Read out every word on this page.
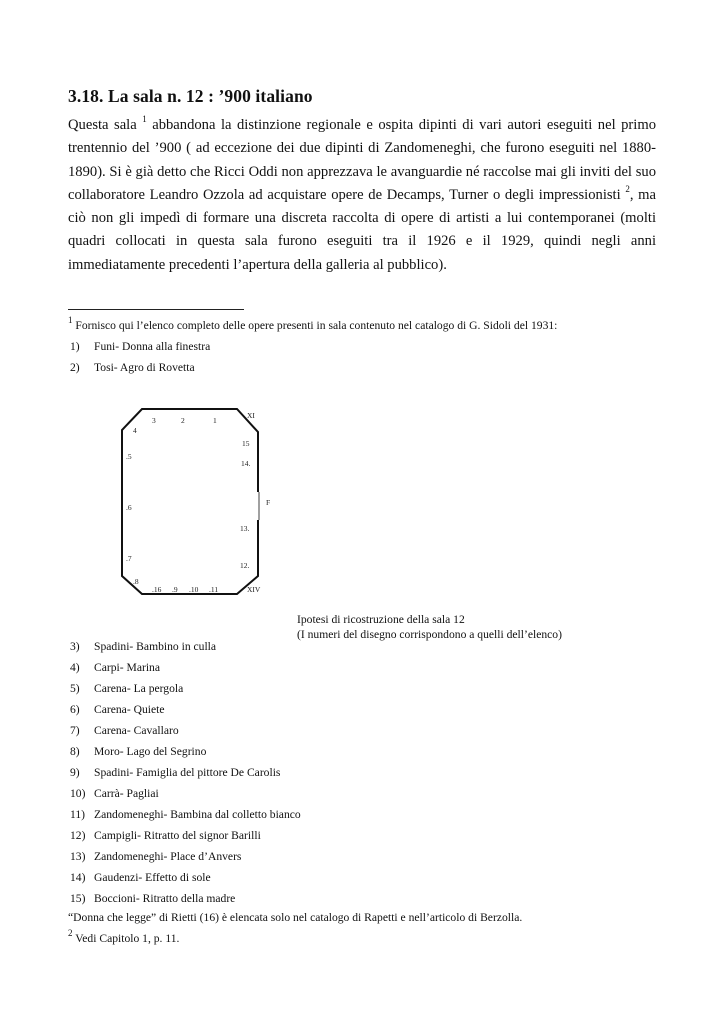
3.18. La sala n. 12 : ’900 italiano

Questa sala $^1$ abbandona la distinzione regionale e ospita dipinti di vari autori eseguiti nel primo trentennio del ’900 ( ad eccezione dei due dipinti di Zandomeneghi, che furono eseguiti nel 1880-1890). Si è già detto che Ricci Oddi non apprezzava le avanguardie né raccolse mai gli inviti del suo collaboratore Leandro Ozzola ad acquistare opere de Decamps, Turner o degli impressionisti $^2$, ma ciò non gli impedì di formare una discreta raccolta di opere di artisti a lui contemporanei (molti quadri collocati in questa sala furono eseguiti tra il 1926 e il 1929, quindi negli anni immediatamente precedenti l’apertura della galleria al pubblico).

$^1$ Fornisco qui l’elenco completo delle opere presenti in sala contenuto nel catalogo di G. Sidoli del 1931:

1) Funi- Donna alla finestra
2) Tosi- Agro di Rovetta
4
3	2	1
XI
15
14.
.5
F
.6
13.
.7
12.
.8
.16 .9 .10 .11	XIV

Ipotesi di ricostruzione della sala 12
(I numeri del disegno corrispondono a quelli dell’elenco)

3) Spadini- Bambino in culla
4) Carpi- Marina
5) Carena- La pergola
6) Carena- Quiete
7) Carena- Cavallaro
8) Moro- Lago del Segrino
9) Spadini- Famiglia del pittore De Carolis
10) Carrà- Pagliai
11) Zandomeneghi- Bambina dal colletto bianco
12) Campigli- Ritratto del signor Barilli
13) Zandomeneghi- Place d’Anvers
14) Gaudenzi- Effetto di sole
15) Boccioni- Ritratto della madre

“Donna che legge” di Rietti (16) è elencata solo nel catalogo di Rapetti e nell’articolo di Berzolla.

$^2$ Vedi Capitolo 1, p. 11.
